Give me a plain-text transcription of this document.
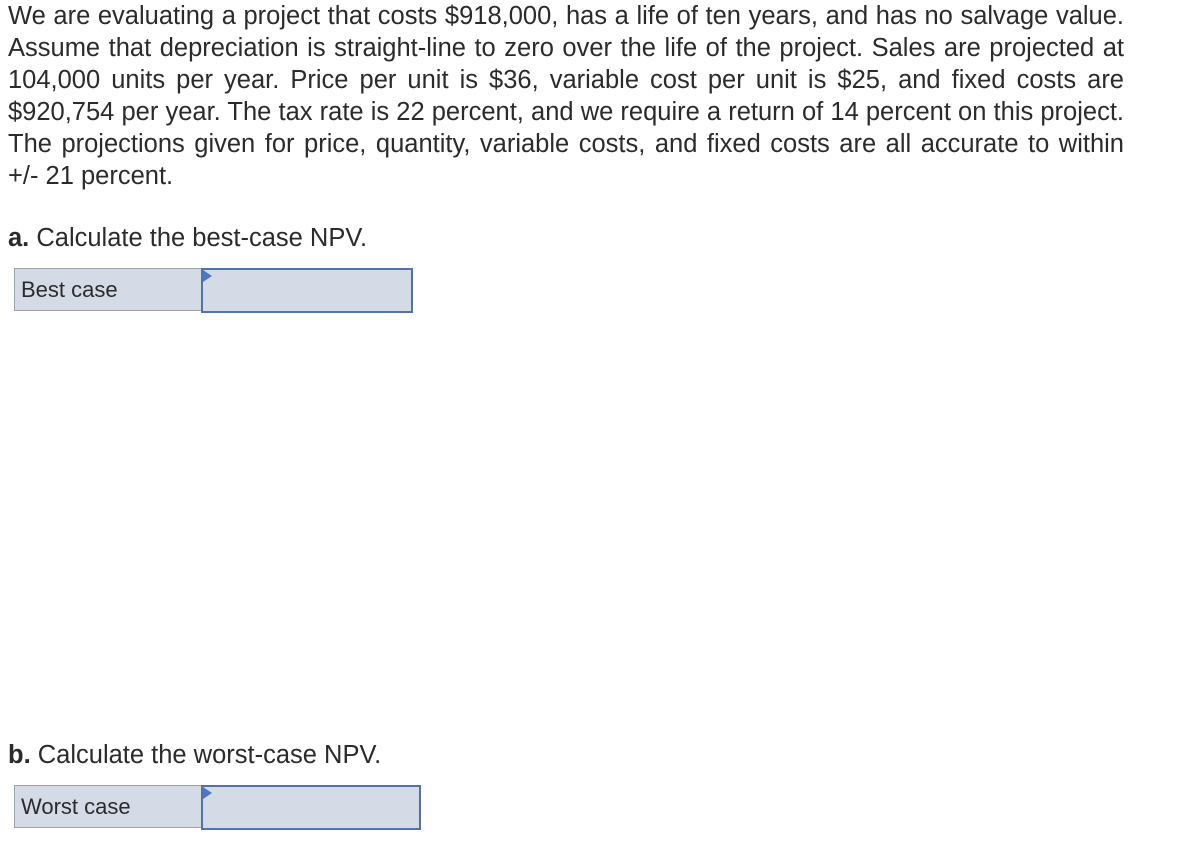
We are evaluating a project that costs $918,000, has a life of ten years, and has no salvage value. Assume that depreciation is straight-line to zero over the life of the project. Sales are projected at 104,000 units per year. Price per unit is $36, variable cost per unit is $25, and fixed costs are $920,754 per year. The tax rate is 22 percent, and we require a return of 14 percent on this project. The projections given for price, quantity, variable costs, and fixed costs are all accurate to within +/- 21 percent.

a. Calculate the best-case NPV.

Best case

b. Calculate the worst-case NPV.

Worst case
